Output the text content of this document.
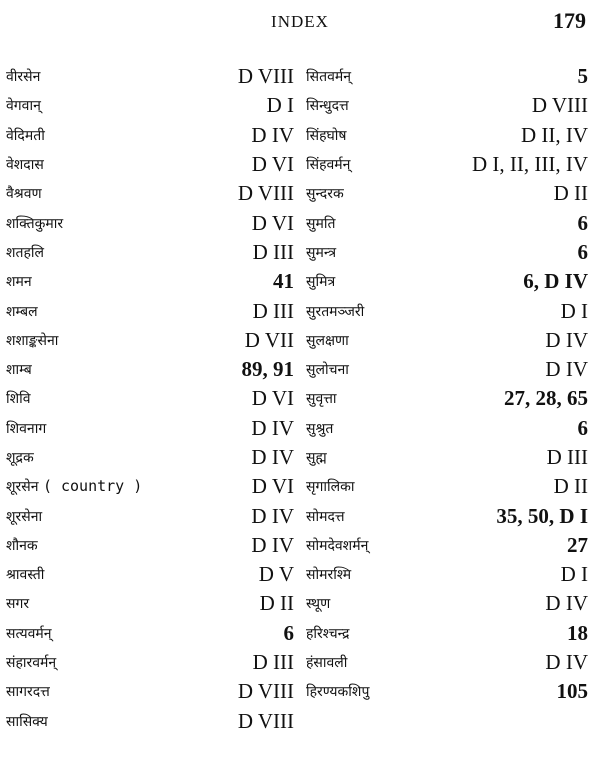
INDEX	179
वीरसेन	D VIII
वेगवान्	D I
वेदिमती	D IV
वेशदास	D VI
वैश्रवण	D VIII
शक्तिकुमार	D VI
शतहलि	D III
शमन	41
शम्बल	D III
शशाङ्कसेना	D VII
शाम्ब	89, 91
शिवि	D VI
शिवनाग	D IV
शूद्रक	D IV
शूरसेन ( country )	D VI
शूरसेना	D IV
शौनक	D IV
श्रावस्ती	D V
सगर	D II
सत्यवर्मन्	6
संहारवर्मन्	D III
सागरदत्त	D VIII
सासिक्य	D VIII
सितवर्मन्	5
सिन्धुदत्त	D VIII
सिंहघोष	D II, IV
सिंहवर्मन्	D I, II, III, IV
सुन्दरक	D II
सुमति	6
सुमन्त्र	6
सुमित्र	6, D IV
सुरतमञ्जरी	D I
सुलक्षणा	D IV
सुलोचना	D IV
सुवृत्ता	27, 28, 65
सुश्रुत	6
सुह्म	D III
सृगालिका	D II
सोमदत्त	35, 50, D I
सोमदेवशर्मन्	27
सोमरश्मि	D I
स्थूण	D IV
हरिश्चन्द्र	18
हंसावली	D IV
हिरण्यकशिपु	105
